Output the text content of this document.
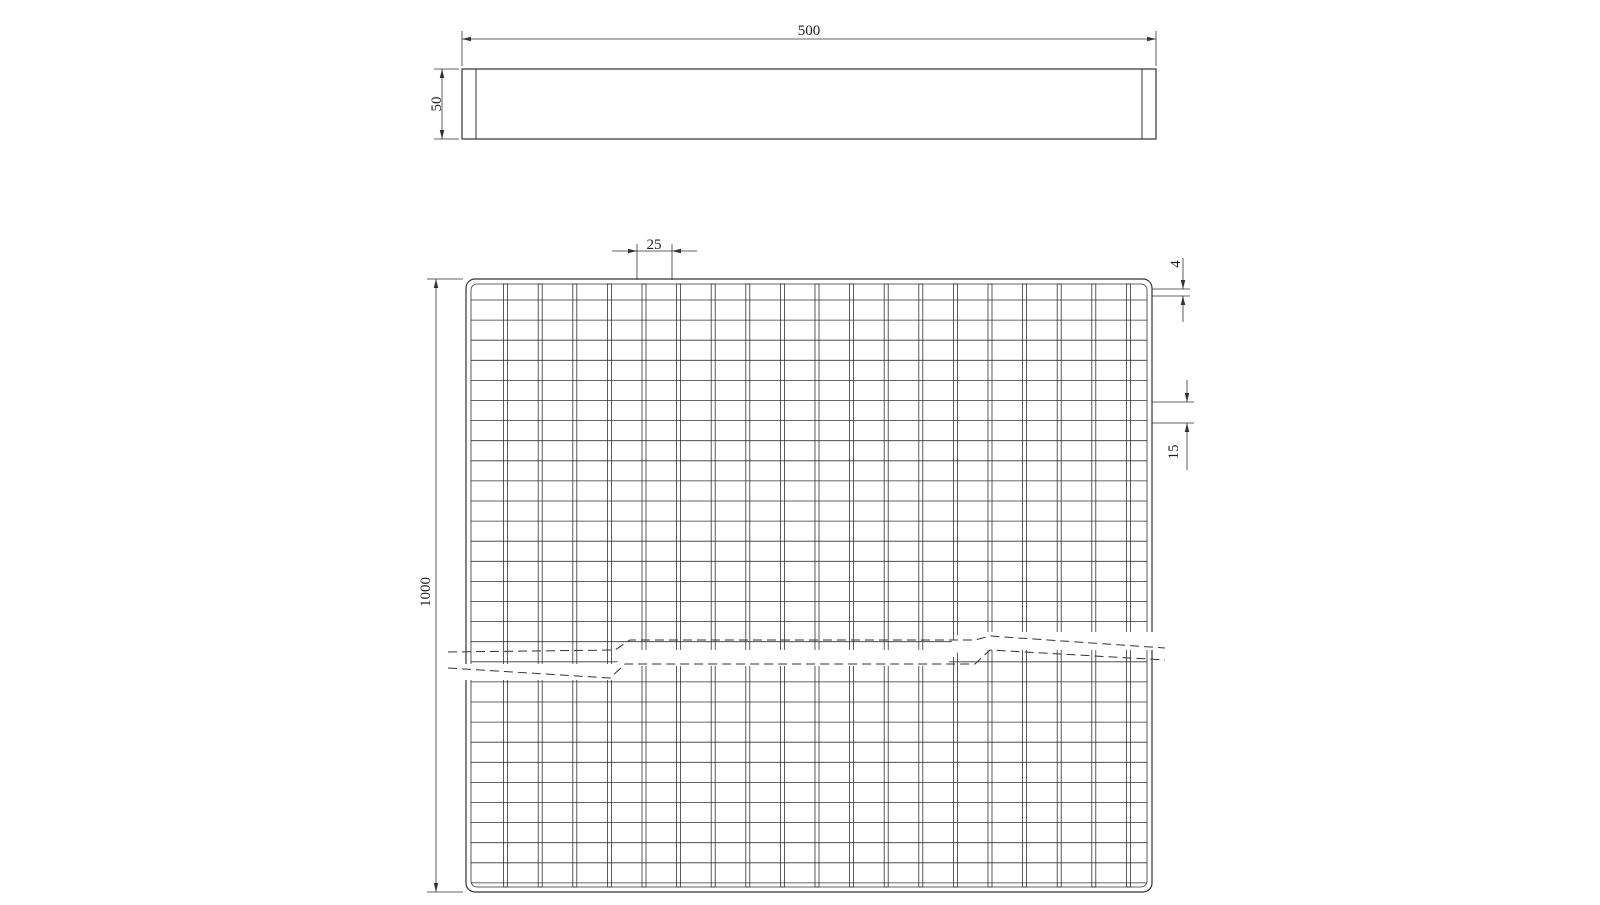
500
50
25
4
15
1000
